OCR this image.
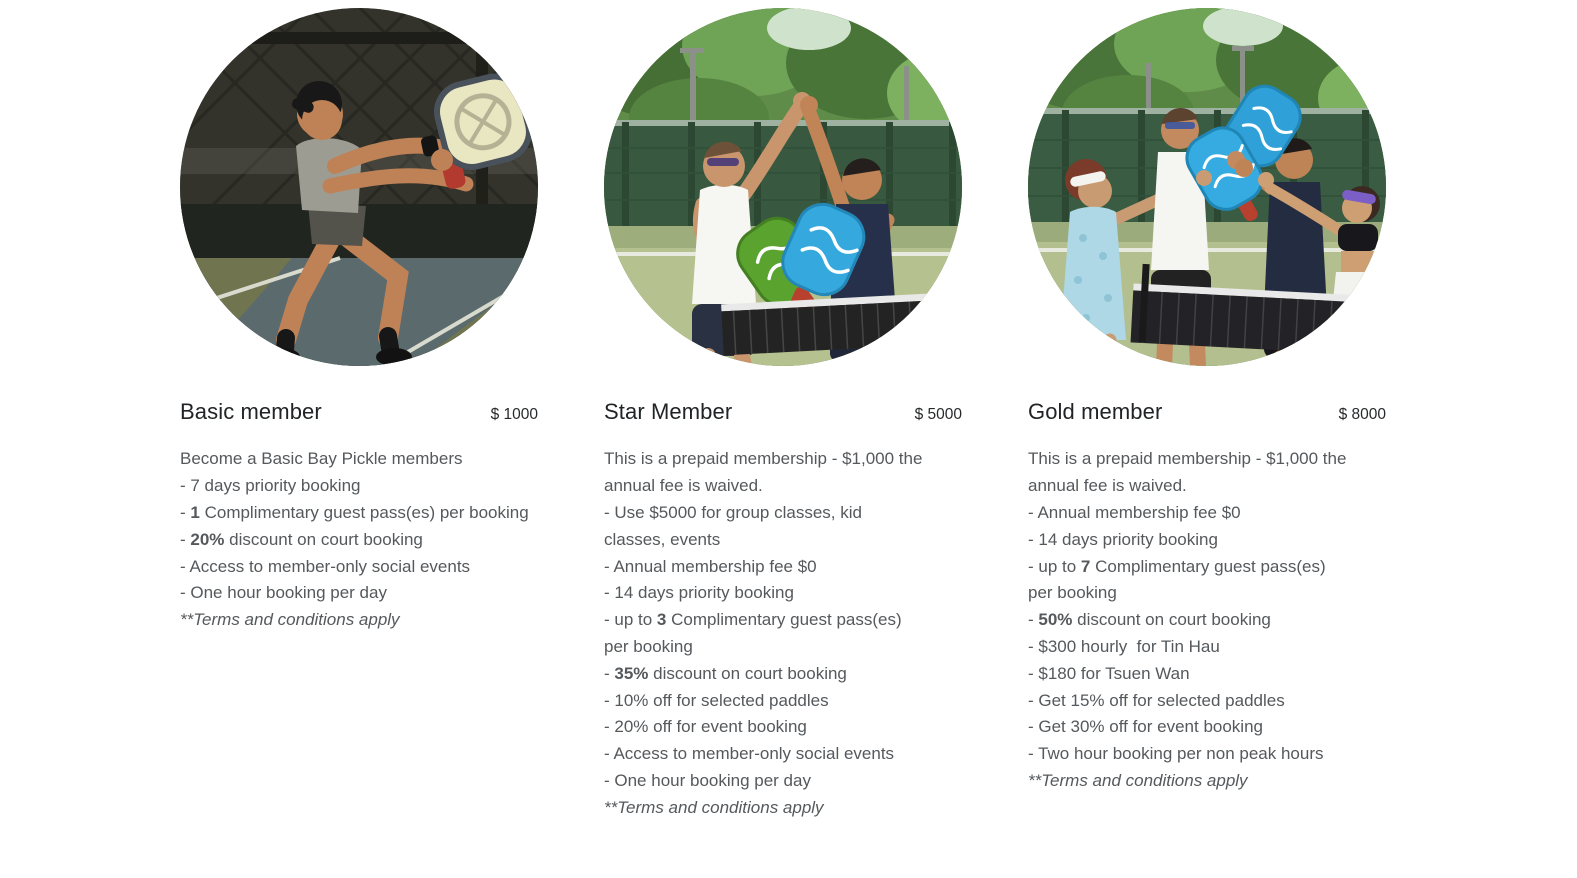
Basic member	$ 1000
Become a Basic Bay Pickle members
- 7 days priority booking
- 1 Complimentary guest pass(es) per booking
- 20% discount on court booking
- Access to member-only social events
- One hour booking per day
**Terms and conditions apply
Star Member	$ 5000
This is a prepaid membership - $1,000 the
annual fee is waived.
- Use $5000 for group classes, kid
classes, events
- Annual membership fee $0
- 14 days priority booking
- up to 3 Complimentary guest pass(es)
per booking
- 35% discount on court booking
- 10% off for selected paddles
- 20% off for event booking
- Access to member-only social events
- One hour booking per day
**Terms and conditions apply
Gold member	$ 8000
This is a prepaid membership - $1,000 the
annual fee is waived.
- Annual membership fee $0
- 14 days priority booking
- up to 7 Complimentary guest pass(es)
per booking
- 50% discount on court booking
- $300 hourly  for Tin Hau
- $180 for Tsuen Wan
- Get 15% off for selected paddles
- Get 30% off for event booking
- Two hour booking per non peak hours
**Terms and conditions apply
